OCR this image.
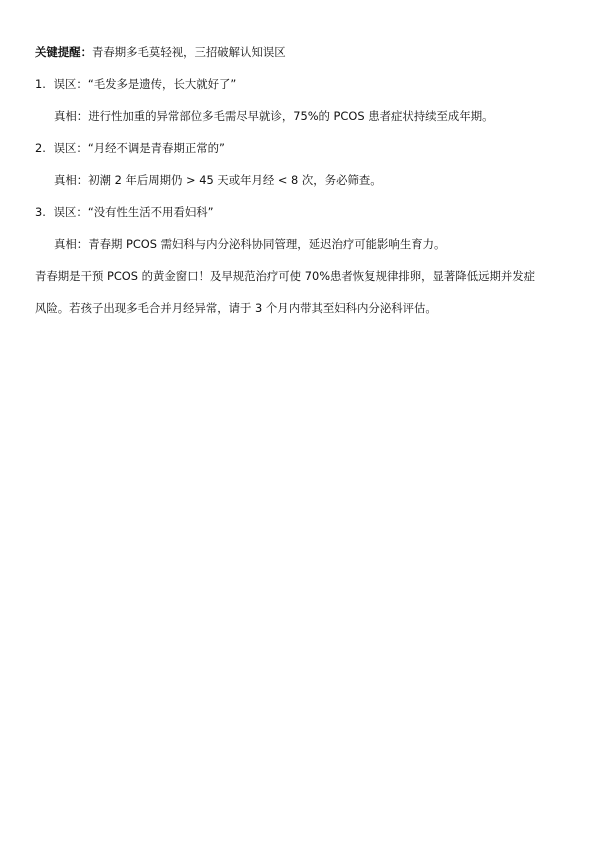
关键提醒：青春期多毛莫轻视，三招破解认知误区
1. 误区：“毛发多是遗传，长大就好了”
真相：进行性加重的异常部位多毛需尽早就诊，75%的 PCOS 患者症状持续至成年期。
2. 误区：“月经不调是青春期正常的”
真相：初潮 2 年后周期仍 > 45 天或年月经 < 8 次，务必筛查。
3. 误区：“没有性生活不用看妇科”
真相：青春期 PCOS 需妇科与内分泌科协同管理，延迟治疗可能影响生育力。
青春期是干预 PCOS 的黄金窗口！及早规范治疗可使 70%患者恢复规律排卵，显著降低远期并发症
风险。若孩子出现多毛合并月经异常，请于 3 个月内带其至妇科内分泌科评估。
